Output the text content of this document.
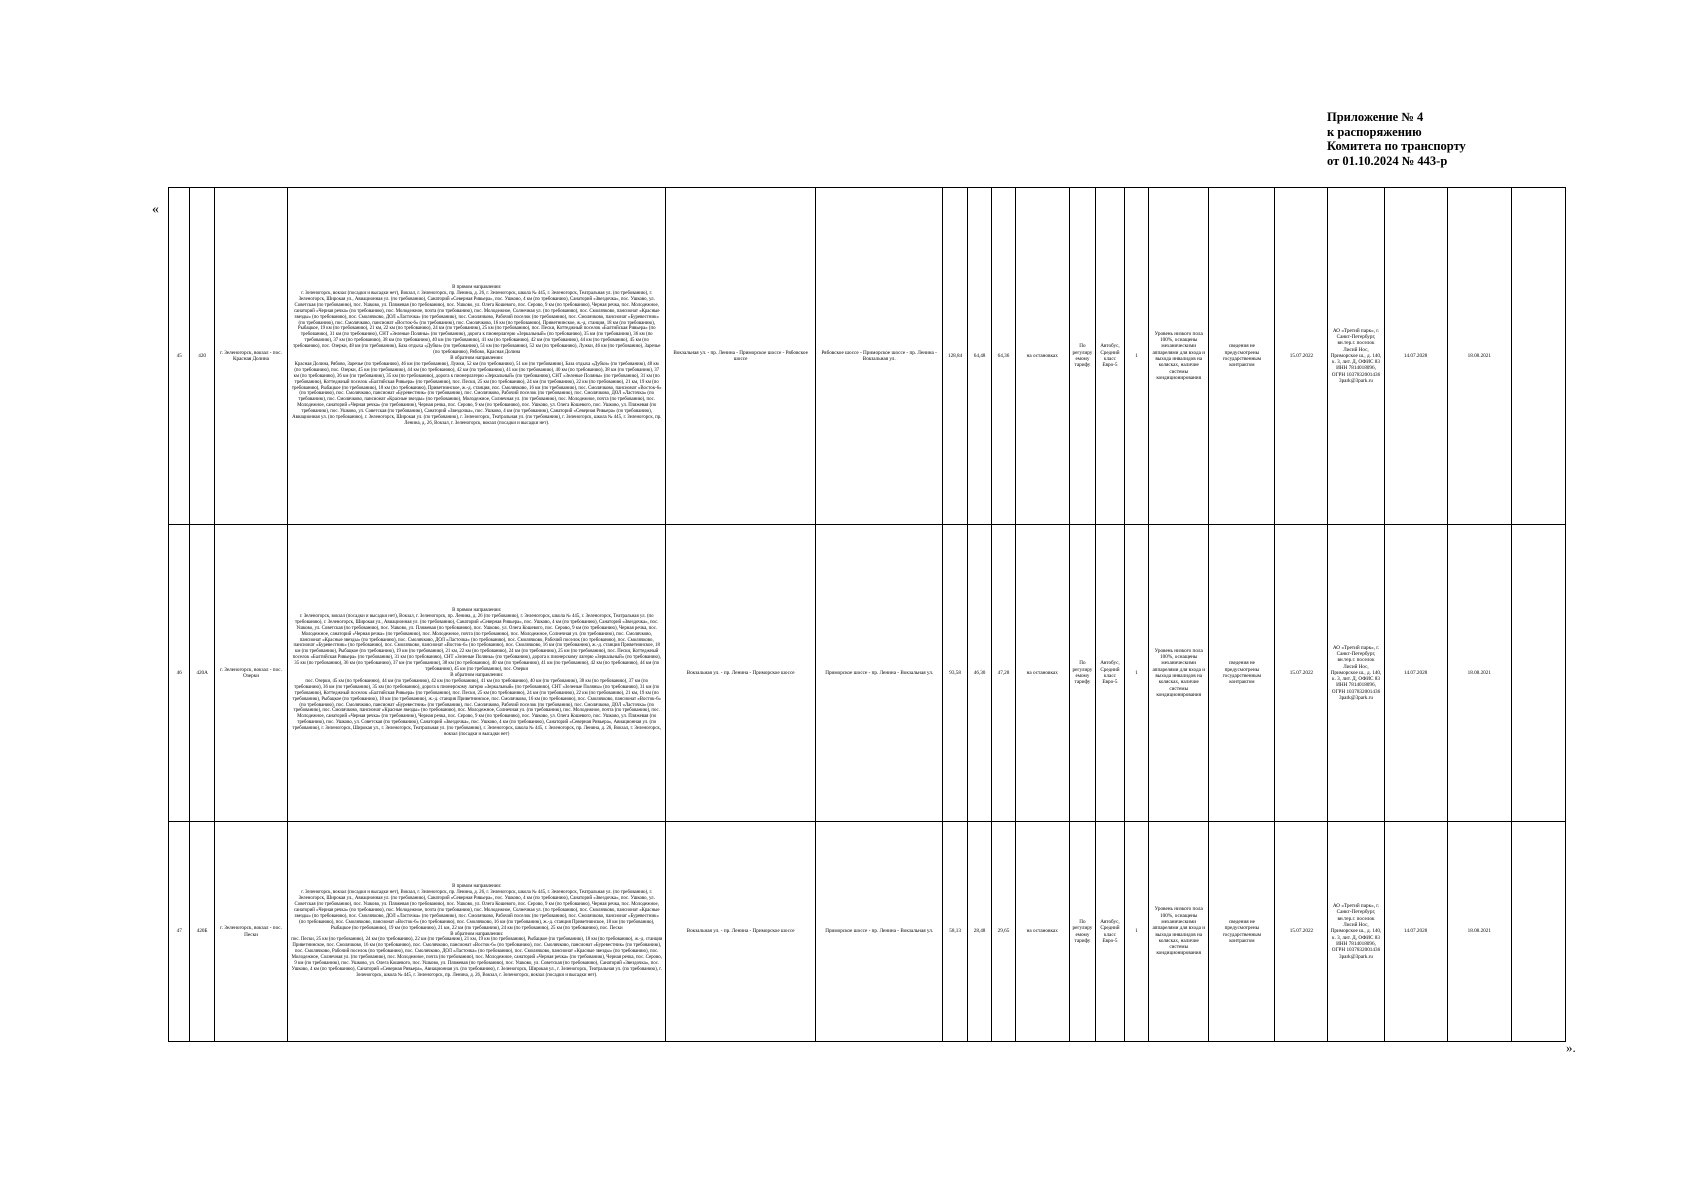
Приложение № 4
к распоряжению
Комитета по транспорту
от 01.10.2024 № 443-р
«
45	420	г. Зеленогорск, вокзал - пос. Красная Долина	В прямом направлении:
г. Зеленогорск, вокзал (посадки и высадки нет), Вокзал, г. Зеленогорск, пр. Ленина, д. 26, г. Зеленогорск, школа № 445, г. Зеленогорск, Театральная ул. (по требованию), г. Зеленогорск, Широкая ул., Авиационная ул. (по требованию), Санаторий «Северная Ривьера», пос. Ушково, 4 км (по требованию), Санаторий «Звездочка», пос. Ушково, ул. Советская (по требованию), пос. Ушково, ул. Пляжевая (по требованию), пос. Ушково, ул. Олега Кошевого, пос. Серово, 9 км (по требованию), Черная речка, пос. Молодежное, санаторий «Черная речка» (по требованию), пос. Молодежное, почта (по требованию), пос. Молодежное, Солнечная ул. (по требованию), пос. Смолячково, пансионат «Красные звезды» (по требованию), пос. Смолячково, ДОЛ «Ласточка» (по требованию), пос. Смолячково, Рабочий поселок (по требованию), пос. Смолячково, пансионат «Буревестник» (по требованию), пос. Смолячково, пансионат «Восток-6» (по требованию), пос. Смолячково, 16 км (по требованию), Приветнинское, ж.-д. станция, 18 км (по требованию), Рыбацкое, 19 км (по требованию), 21 км, 22 км (по требованию), 24 км (по требованию), 25 км (по требованию), пос. Пески, Коттеджный поселок «Балтийская Ривьера» (по требованию), 31 км (по требованию), СНТ «Зеленые Поляны» (по требованию), дорога к пионерлагерю «Зеркальный» (по требованию), 35 км (по требованию), 36 км (по требованию), 37 км (по требованию), 38 км (по требованию), 40 км (по требованию), 41 км (по требованию), 42 км (по требованию), 44 км (по требованию), 45 км (по требованию), пос. Озерки, 48 км (по требованию), База отдыха «Дубки» (по требованию), 51 км (по требованию), 52 км (по требованию), Лужки, 46 км (по требованию), Заречье (по требованию), Рябово, Красная Долина
В обратном направлении:
Красная Долина, Рябово, Заречье (по требованию), 46 км (по требованию), Лужки, 52 км (по требованию), 51 км (по требованию), База отдыха «Дубки» (по требованию), 48 км (по требованию), пос. Озерки, 45 км (по требованию), 44 км (по требованию), 42 км (по требованию), 41 км (по требованию), 40 км (по требованию), 38 км (по требованию), 37 км (по требованию), 36 км (по требованию), 35 км (по требованию), дорога к пионерлагерю «Зеркальный» (по требованию), СНТ «Зеленые Поляны» (по требованию), 31 км (по требованию), Коттеджный поселок «Балтийская Ривьера» (по требованию), пос. Пески, 25 км (по требованию), 24 км (по требованию), 22 км (по требованию), 21 км, 19 км (по требованию), Рыбацкое (по требованию), 18 км (по требованию), Приветнинское, ж.-д. станция, пос. Смолячково, 16 км (по требованию), пос. Смолячково, пансионат «Восток-6» (по требованию), пос. Смолячково, пансионат «Буревестник» (по требованию), пос. Смолячково, Рабочий поселок (по требованию), пос. Смолячково, ДОЛ «Ласточка» (по требованию), пос. Смолячково, пансионат «Красные звезды» (по требованию), Молодежное, Солнечная ул. (по требованию), пос. Молодежное, почта (по требованию), пос. Молодежное, санаторий «Черная речка» (по требованию), Черная речка, пос. Серово, 9 км (по требованию), пос. Ушково, ул. Олега Кошевого, пос. Ушково, ул. Пляжевая (по требованию), пос. Ушково, ул. Советская (по требованию), Санаторий «Звездочка», пос. Ушково, 4 км (по требованию), Санаторий «Северная Ривьера» (по требованию), Авиационная ул. (по требованию), г. Зеленогорск, Широкая ул. (по требованию), г. Зеленогорск, Театральная ул. (по требованию), г. Зеленогорск, школа № 445, г. Зеленогорск, пр. Ленина, д. 26, Вокзал, г. Зеленогорск, вокзал (посадки и высадки нет).	Вокзальная ул. - пр. Ленина - Приморское шоссе - Рябовское шоссе	Рябовское шоссе - Приморское шоссе - пр. Ленина - Вокзальная ул.	128,84	64,48	64,36	на остановках	По регулируемому тарифу	Автобус, Средний класс Евро-5	1	Уровень низкого пола 100%, оснащены механическими аппарелями для входа и выхода инвалидов на колясках, наличие системы кондиционирования	сведения не предусмотрены государственным контрактом	15.07.2022	АО «Третий парк», г. Санкт-Петербург, вн.тер.г. поселок Лисий Нос, Приморское ш., д. 140, к. 3, лит. Д, ОФИС 83 ИНН 7814018096, ОГРН 1037832001436 3park@3park.ru	14.07.2028	18.08.2021	
46	420А	г. Зеленогорск, вокзал - пос. Озерки	В прямом направлении:
г. Зеленогорск, вокзал (посадки и высадки нет), Вокзал, г. Зеленогорск, пр. Ленина, д. 26 (по требованию), г. Зеленогорск, школа № 445, г. Зеленогорск, Театральная ул. (по требованию), г. Зеленогорск, Широкая ул., Авиационная ул. (по требованию), Санаторий «Северная Ривьера», пос. Ушково, 4 км (по требованию), Санаторий «Звездочка», пос. Ушково, ул. Советская (по требованию), пос. Ушково, ул. Пляжевая (по требованию), пос. Ушково, ул. Олега Кошевого, пос. Серово, 9 км (по требованию), Черная речка, пос. Молодежное, санаторий «Черная речка» (по требованию), пос. Молодежное, почта (по требованию), пос. Молодежное, Солнечная ул. (по требованию), пос. Смолячково, пансионат «Красные звезды» (по требованию), пос. Смолячково, ДОЛ «Ласточка» (по требованию), пос. Смолячково, Рабочий поселок (по требованию), пос. Смолячково, пансионат «Буревестник» (по требованию), пос. Смолячково, пансионат «Восток-6» (по требованию), пос. Смолячково, 16 км (по требованию), ж.-д. станция Приветнинское, 18 км (по требованию), Рыбацкое (по требованию), 19 км (по требованию), 21 км, 22 км (по требованию), 24 км (по требованию), 25 км (по требованию), пос. Пески, Коттеджный поселок «Балтийская Ривьера» (по требованию), 31 км (по требованию), СНТ «Зеленые Поляны» (по требованию), дорога к пионерскому лагерю «Зеркальный» (по требованию), 35 км (по требованию), 36 км (по требованию), 37 км (по требованию), 38 км (по требованию), 40 км (по требованию), 41 км (по требованию), 42 км (по требованию), 44 км (по требованию), 45 км (по требованию), пос. Озерки
В обратном направлении:
пос. Озерки, 45 км (по требованию), 44 км (по требованию), 42 км (по требованию), 41 км (по требованию), 40 км (по требованию), 38 км (по требованию), 37 км (по требованию), 36 км (по требованию), 35 км (по требованию), дорога к пионерскому лагерю «Зеркальный» (по требованию), СНТ «Зеленые Поляны» (по требованию), 31 км (по требованию), Коттеджный поселок «Балтийская Ривьера» (по требованию), пос. Пески, 25 км (по требованию), 24 км (по требованию), 22 км (по требованию), 21 км, 19 км (по требованию), Рыбацкое (по требованию), 18 км (по требованию), ж.-д. станция Приветнинское, пос. Смолячково, 16 км (по требованию), пос. Смолячково, пансионат «Восток-6» (по требованию), пос. Смолячково, пансионат «Буревестник» (по требованию), пос. Смолячково, Рабочий поселок (по требованию), пос. Смолячково, ДОЛ «Ласточка» (по требованию), пос. Смолячково, пансионат «Красные звезды» (по требованию), пос. Молодежное, Солнечная ул. (по требованию), пос. Молодежное, почта (по требованию), пос. Молодежное, санаторий «Черная речка» (по требованию), Черная речка, пос. Серово, 9 км (по требованию), пос. Ушково, ул. Олега Кошевого, пос. Ушково, ул. Пляжевая (по требованию), пос. Ушково, ул. Советская (по требованию), Санаторий «Звездочка», пос. Ушково, 4 км (по требованию), Санаторий «Северная Ривьера», Авиационная ул. (по требованию), г. Зеленогорск, Широкая ул., г. Зеленогорск, Театральная ул. (по требованию), г. Зеленогорск, школа № 445, г. Зеленогорск, пр. Ленина, д. 26, Вокзал, г. Зеленогорск, вокзал (посадки и высадки нет)	Вокзальная ул. - пр. Ленина - Приморское шоссе	Приморское шоссе - пр. Ленина - Вокзальная ул.	93,58	46,30	47,28	на остановках	По регулируемому тарифу	Автобус, Средний класс Евро-5	1	Уровень низкого пола 100%, оснащены механическими аппарелями для входа и выхода инвалидов на колясках, наличие системы кондиционирования	сведения не предусмотрены государственным контрактом	15.07.2022	АО «Третий парк», г. Санкт-Петербург, вн.тер.г. поселок Лисий Нос, Приморское ш., д. 140, к. 3, лит. Д, ОФИС 83 ИНН 7814018096, ОГРН 1037832001436 3park@3park.ru	14.07.2028	18.08.2021	
47	420Б	г. Зеленогорск, вокзал - пос. Пески	В прямом направлении:
г. Зеленогорск, вокзал (посадки и высадки нет), Вокзал, г. Зеленогорск, пр. Ленина, д. 26, г. Зеленогорск, школа № 445, г. Зеленогорск, Театральная ул. (по требованию), г. Зеленогорск, Широкая ул., Авиационная ул. (по требованию), Санаторий «Северная Ривьера», пос. Ушково, 4 км (по требованию), Санаторий «Звездочка», пос. Ушково, ул. Советская (по требованию), пос. Ушково, ул. Пляжевая (по требованию), пос. Ушково, ул. Олега Кошевого, пос. Серово, 9 км (по требованию), Черная речка, пос. Молодежное, санаторий «Черная речка» (по требованию), пос. Молодежное, почта (по требованию), пос. Молодежное, Солнечная ул. (по требованию), пос. Смолячково, пансионат «Красные звезды» (по требованию), пос. Смолячково, ДОЛ «Ласточка» (по требованию), пос. Смолячково, Рабочий поселок (по требованию), пос. Смолячково, пансионат «Буревестник» (по требованию), пос. Смолячково, пансионат «Восток-6» (по требованию), пос. Смолячково, 16 км (по требованию), ж.-д. станция Приветнинское, 18 км (по требованию), Рыбацкое (по требованию), 19 км (по требованию), 21 км, 22 км (по требованию), 24 км (по требованию), 25 км (по требованию), пос. Пески
В обратном направлении:
пос. Пески, 25 км (по требованию), 24 км (по требованию), 22 км (по требованию), 21 км, 19 км (по требованию), Рыбацкое (по требованию), 18 км (по требованию), ж.-д. станция Приветнинское, пос. Смолячково, 16 км (по требованию), пос. Смолячково, пансионат «Восток-6» (по требованию), пос. Смолячково, пансионат «Буревестник» (по требованию), пос. Смолячково, Рабочий поселок (по требованию), пос. Смолячково, ДОЛ «Ласточка» (по требованию), пос. Смолячково, пансионат «Красные звезды» (по требованию), пос. Молодежное, Солнечная ул. (по требованию), пос. Молодежное, почта (по требованию), пос. Молодежное, санаторий «Черная речка» (по требованию), Черная речка, пос. Серово, 9 км (по требованию), пос. Ушково, ул. Олега Кошевого, пос. Ушково, ул. Пляжевая (по требованию), пос. Ушково, ул. Советская (по требованию), Санаторий «Звездочка», пос. Ушково, 4 км (по требованию), Санаторий «Северная Ривьера», Авиационная ул. (по требованию), г. Зеленогорск, Широкая ул., г. Зеленогорск, Театральная ул. (по требованию), г. Зеленогорск, школа № 445, г. Зеленогорск, пр. Ленина, д. 26, Вокзал, г. Зеленогорск, вокзал (посадки и высадки нет).	Вокзальная ул. - пр. Ленина - Приморское шоссе	Приморское шоссе - пр. Ленина - Вокзальная ул.	58,13	28,48	29,65	на остановках	По регулируемому тарифу	Автобус, Средний класс Евро-5	1	Уровень низкого пола 100%, оснащены механическими аппарелями для входа и выхода инвалидов на колясках, наличие системы кондиционирования	сведения не предусмотрены государственным контрактом	15.07.2022	АО «Третий парк», г. Санкт-Петербург, вн.тер.г. поселок Лисий Нос, Приморское ш., д. 140, к. 3, лит. Д, ОФИС 83 ИНН 7814018096, ОГРН 1037832001436 3park@3park.ru	14.07.2028	18.08.2021	
».
